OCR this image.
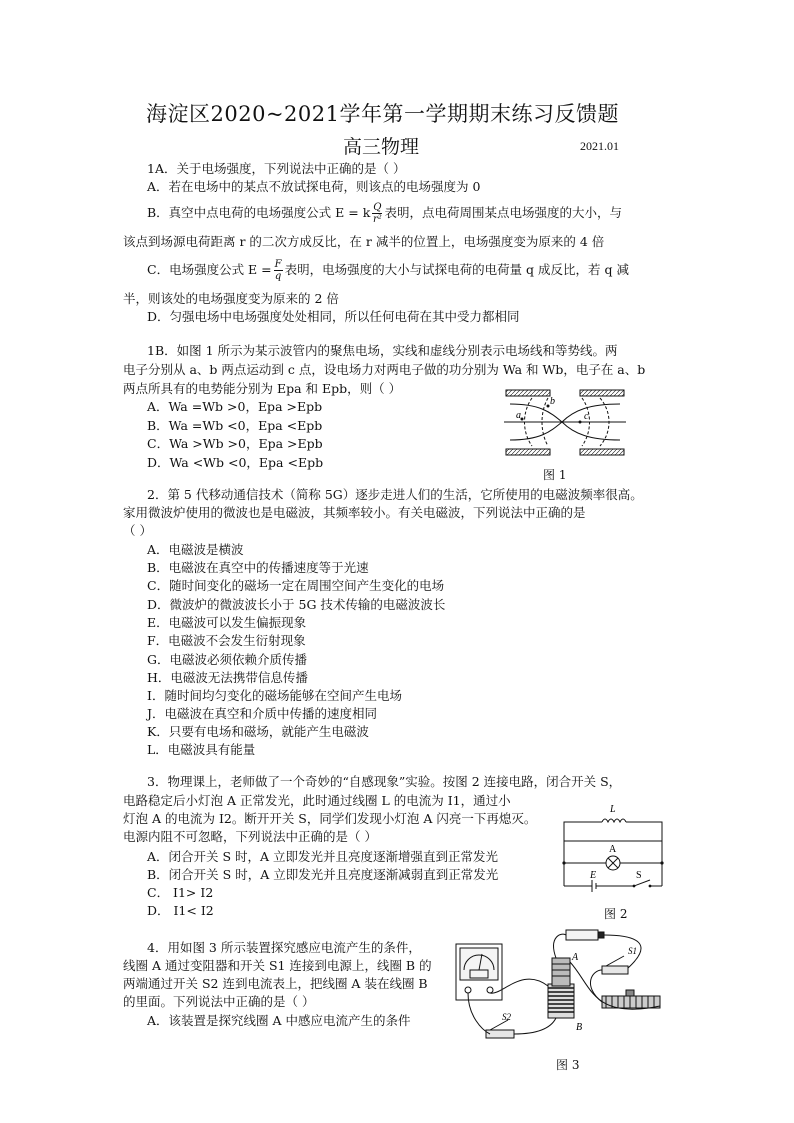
海淀区2020~2021学年第一学期期末练习反馈题
高三物理	2021.01
1A．关于电场强度，下列说法中正确的是（ ）
A．若在电场中的某点不放试探电荷，则该点的电场强度为 0
B．真空中点电荷的电场强度公式 E = k $\frac{Q}{\text{r²}}$ 表明，点电荷周围某点电场强度的大小，与
该点到场源电荷距离 r 的二次方成反比，在 r 减半的位置上，电场强度变为原来的 4 倍
C．电场强度公式 $E = \frac{F}{q}$ 表明，电场强度的大小与试探电荷的电荷量 q 成反比，若 q 减
半，则该处的电场强度变为原来的 2 倍
D．匀强电场中电场强度处处相同，所以任何电荷在其中受力都相同
1B．如图 1 所示为某示波管内的聚焦电场，实线和虚线分别表示电场线和等势线。两
电子分别从 a、b 两点运动到 c 点，设电场力对两电子做的功分别为 Wa 和 Wb，电子在 a、b
两点所具有的电势能分别为 Epa 和 Epb，则（ ）
A．Wa =Wb >0，Epa >Epb
B．Wa =Wb <0，Epa <Epb
C．Wa >Wb >0，Epa >Epb
D．Wa <Wb <0，Epa <Epb
a
b
c
图 1
2．第 5 代移动通信技术（简称 5G）逐步走进人们的生活，它所使用的电磁波频率很高。
家用微波炉使用的微波也是电磁波，其频率较小。有关电磁波，下列说法中正确的是
（ ）
A．电磁波是横波
B．电磁波在真空中的传播速度等于光速
C．随时间变化的磁场一定在周围空间产生变化的电场
D．微波炉的微波波长小于 5G 技术传输的电磁波波长
E．电磁波可以发生偏振现象
F．电磁波不会发生衍射现象
G．电磁波必须依赖介质传播
H．电磁波无法携带信息传播
I．随时间均匀变化的磁场能够在空间产生电场
J．电磁波在真空和介质中传播的速度相同
K．只要有电场和磁场，就能产生电磁波
L．电磁波具有能量
3．物理课上，老师做了一个奇妙的“自感现象”实验。按图 2 连接电路，闭合开关 S，
电路稳定后小灯泡 A 正常发光，此时通过线圈 L 的电流为 I1，通过小
灯泡 A 的电流为 I2。断开开关 S，同学们发现小灯泡 A 闪亮一下再熄灭。
电源内阻不可忽略，下列说法中正确的是（ ）
A．闭合开关 S 时，A 立即发光并且亮度逐渐增强直到正常发光
B．闭合开关 S 时，A 立即发光并且亮度逐渐减弱直到正常发光
C． I1> I2
D． I1< I2
L
A
E	S
图 2
4．用如图 3 所示装置探究感应电流产生的条件，
线圈 A 通过变阻器和开关 S1 连接到电源上，线圈 B 的
两端通过开关 S2 连到电流表上，把线圈 A 装在线圈 B
的里面。下列说法中正确的是（ ）
A．该装置是探究线圈 A 中感应电流产生的条件
A
B
S1
S2
图 3
